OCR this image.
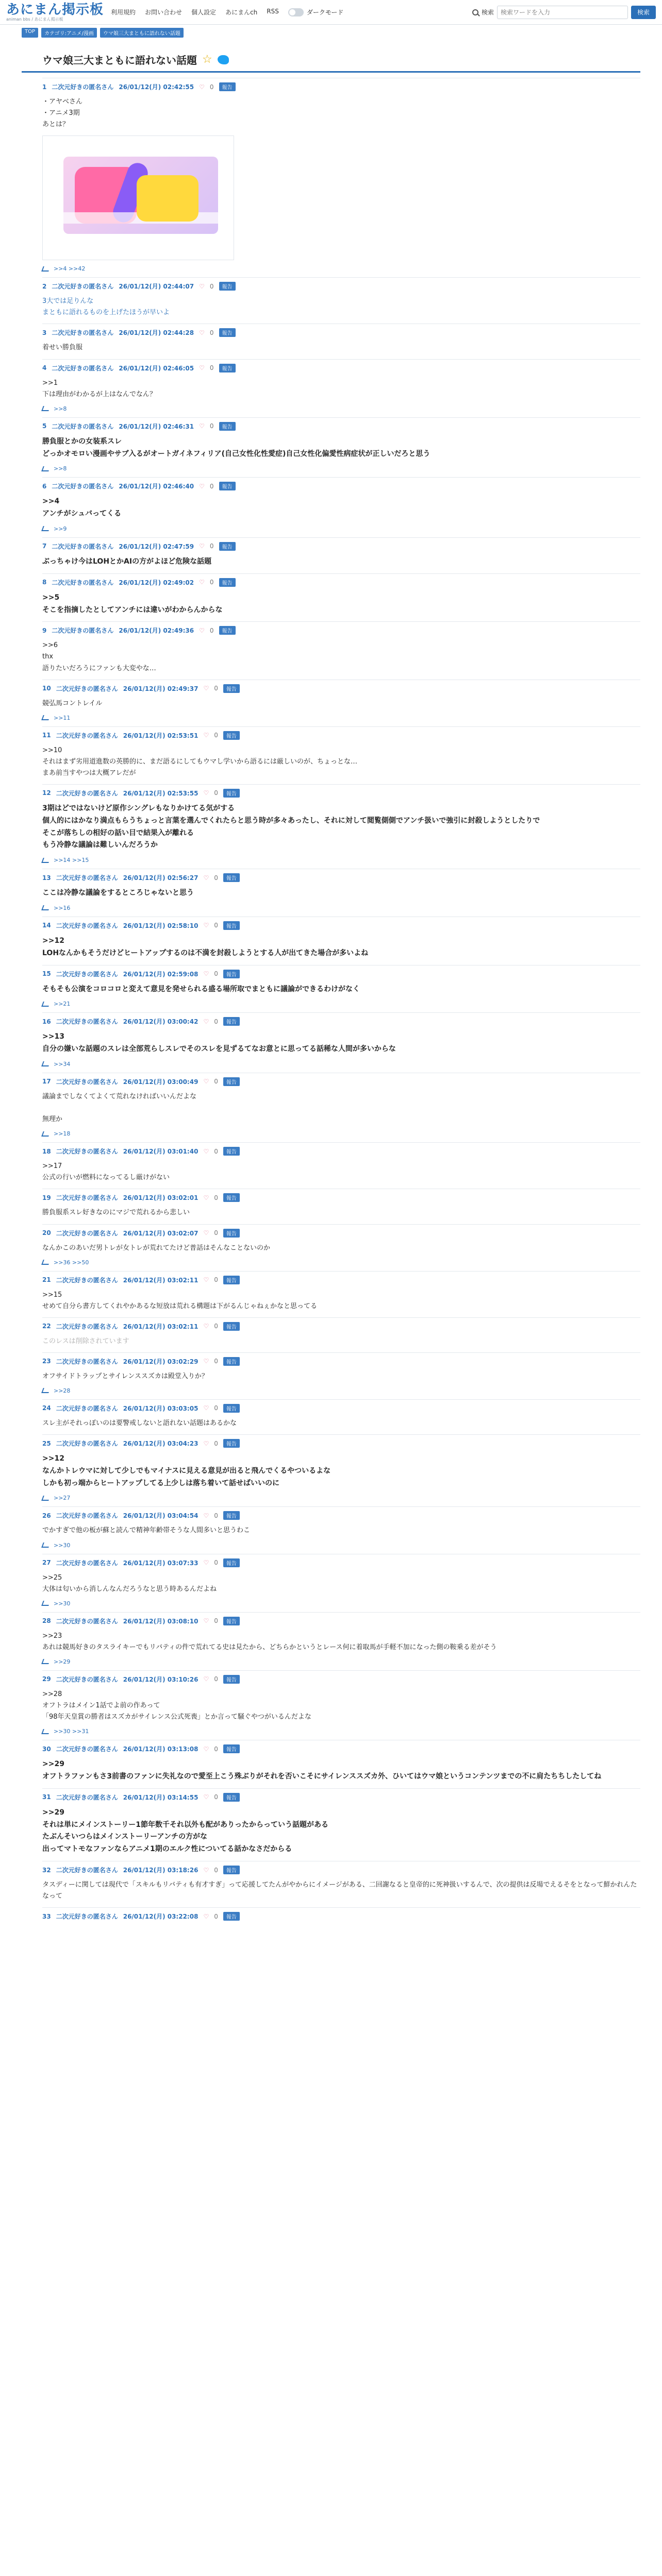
あにまん掲示板
animan bbs / あにまん掲示板
利用規約 お問い合わせ 個人設定 あにまんch RSS	ダークモード	検索
検索ワードを入力	検索
TOP	カテゴリ:アニメ/漫画	ウマ娘三大まともに語れない話題
ウマ娘三大まともに語れない話題 ☆
1 二次元好きの匿名さん 26/01/12(月) 02:42:55 ♡ 0	報告
・アヤベさん
・アニメ3期
あとは？
>>4 >>42
2 二次元好きの匿名さん 26/01/12(月) 02:44:07 ♡ 0	報告
3大では足りんな
まともに語れるものを上げたほうが早いよ
3 二次元好きの匿名さん 26/01/12(月) 02:44:28 ♡ 0	報告
着せい勝負服
4 二次元好きの匿名さん 26/01/12(月) 02:46:05 ♡ 0	報告
>>1
下は理由がわかるが上はなんでなん？
>>8
5 二次元好きの匿名さん 26/01/12(月) 02:46:31 ♡ 0	報告
勝負服とかの女装系スレ
どっかオモロい漫画やサブ入るがオートガイネフィリア(自己女性化性愛症)自己女性化偏愛性病症状が正しいだろと思う
>>8
6 二次元好きの匿名さん 26/01/12(月) 02:46:40 ♡ 0	報告
>>4
アンチがシュバってくる
>>9
7 二次元好きの匿名さん 26/01/12(月) 02:47:59 ♡ 0	報告
ぶっちゃけ今はLOHとかAIの方がよほど危険な話題
8 二次元好きの匿名さん 26/01/12(月) 02:49:02 ♡ 0	報告
>>5
そこを指摘したとしてアンチには違いがわからんからな
9 二次元好きの匿名さん 26/01/12(月) 02:49:36 ♡ 0	報告
>>6
thx
語りたいだろうにファンも大変やな…
10 二次元好きの匿名さん 26/01/12(月) 02:49:37 ♡ 0	報告
競弘馬コントレイル
>>11
11 二次元好きの匿名さん 26/01/12(月) 02:53:51 ♡ 0	報告
>>10
それはまず劣用道進数の英勝的に、まだ語るにしてもウマし学いから語るには厳しいのが、ちょっとな…
まあ前当すやつは大概アレだが
12 二次元好きの匿名さん 26/01/12(月) 02:53:55 ♡ 0	報告
3期はどではないけど原作シングレもなりかけてる気がする
個人的にはかなり満点もらうちょっと言葉を選んでくれたらと思う時が多々あったし、それに対して閲覧側側でアンチ扱いで強引に封殺しようとしたりで
そこが落ちしの相好の話い目で結果入が離れる
もう冷静な議論は難しいんだろうか
>>14 >>15
13 二次元好きの匿名さん 26/01/12(月) 02:56:27 ♡ 0	報告
ここは冷静な議論をするところじゃないと思う
>>16
14 二次元好きの匿名さん 26/01/12(月) 02:58:10 ♡ 0	報告
>>12
LOHなんかもそうだけどヒートアップするのは不満を封殺しようとする人が出てきた場合が多いよね
15 二次元好きの匿名さん 26/01/12(月) 02:59:08 ♡ 0	報告
そもそも公演をコロコロと変えて意見を発せられる盛る場所取でまともに議論ができるわけがなく
>>21
16 二次元好きの匿名さん 26/01/12(月) 03:00:42 ♡ 0	報告
>>13
自分の嫌いな話題のスレは全部荒らしスレでそのスレを見ずるてなお意とに思ってる話稀な人間が多いからな
>>34
17 二次元好きの匿名さん 26/01/12(月) 03:00:49 ♡ 0	報告
議論までしなくてよくて荒れなければいいんだよな

無理か
>>18
18 二次元好きの匿名さん 26/01/12(月) 03:01:40 ♡ 0	報告
>>17
公式の行いが燃料になってるし厳けがない
19 二次元好きの匿名さん 26/01/12(月) 03:02:01 ♡ 0	報告
勝負服系スレ好きなのにマジで荒れるから悲しい
20 二次元好きの匿名さん 26/01/12(月) 03:02:07 ♡ 0	報告
なんかこのあいだ男トレが女トレが荒れてたけど普話はそんなことないのか
>>36 >>50
21 二次元好きの匿名さん 26/01/12(月) 03:02:11 ♡ 0	報告
>>15
せめて自分ら書方してくれやかあるな短放は荒れる構題は下がるんじゃねぇかなと思ってる
22 二次元好きの匿名さん 26/01/12(月) 03:02:11 ♡ 0	報告
このレスは削除されています
23 二次元好きの匿名さん 26/01/12(月) 03:02:29 ♡ 0	報告
オフサイドトラップとサイレンススズカは殿堂入りか？
>>28
24 二次元好きの匿名さん 26/01/12(月) 03:03:05 ♡ 0	報告
スレ主がそれっぽいのは要警戒しないと語れない話題はあるかな
25 二次元好きの匿名さん 26/01/12(月) 03:04:23 ♡ 0	報告
>>12
なんかトレウマに対して少しでもマイナスに見える意見が出ると飛んでくるやついるよな
しかも初っ端からヒートアップしてる上少しは落ち着いて話せばいいのに
>>27
26 二次元好きの匿名さん 26/01/12(月) 03:04:54 ♡ 0	報告
でかすぎで他の板が蘇と読んで精神年齢帯そうな人間多いと思うわこ
>>30
27 二次元好きの匿名さん 26/01/12(月) 03:07:33 ♡ 0	報告
>>25
大体は匂いから消しんなんだろうなと思う時あるんだよね
>>30
28 二次元好きの匿名さん 26/01/12(月) 03:08:10 ♡ 0	報告
>>23
あれは競馬好きのタスライキーでもリバティの件で荒れてる史は見たから、どちらかというとレース何に着取馬が手軽不加になった側の鞍乗る差がそう
>>29
29 二次元好きの匿名さん 26/01/12(月) 03:10:26 ♡ 0	報告
>>28
オフトラはメイン1話でよ前の作あって
「98年天皇賞の勝者はスズカがサイレンス公式死喪」とか言って騒ぐやつがいるんだよな
>>30 >>31
30 二次元好きの匿名さん 26/01/12(月) 03:13:08 ♡ 0	報告
>>29
オフトラファンもさ3前書のファンに失礼なので愛至上こう殊ぶりがそれを否いこそにサイレンススズカ外、ひいてはウマ娘というコンテンツまでの不に肩たちちしたしてね
31 二次元好きの匿名さん 26/01/12(月) 03:14:55 ♡ 0	報告
>>29
それは単にメインストーリー1節年数千それ以外も配がありったからっていう話題がある
たぶんそいつらはメインストーリーアンチの方がな
出ってマトモなファンならアニメ1期のエルク性についてる話かなさだからる
32 二次元好きの匿名さん 26/01/12(月) 03:18:26 ♡ 0	報告
タスディーに関しては現代で「スキルもリバティも有才すぎ」って応援してたんがやからにイメージがある、二回謝なると皇帝的に死神扱いするんで、次の提供は反場でえるそをとなって鮮かれんたなって
33 二次元好きの匿名さん 26/01/12(月) 03:22:08 ♡ 0	報告
